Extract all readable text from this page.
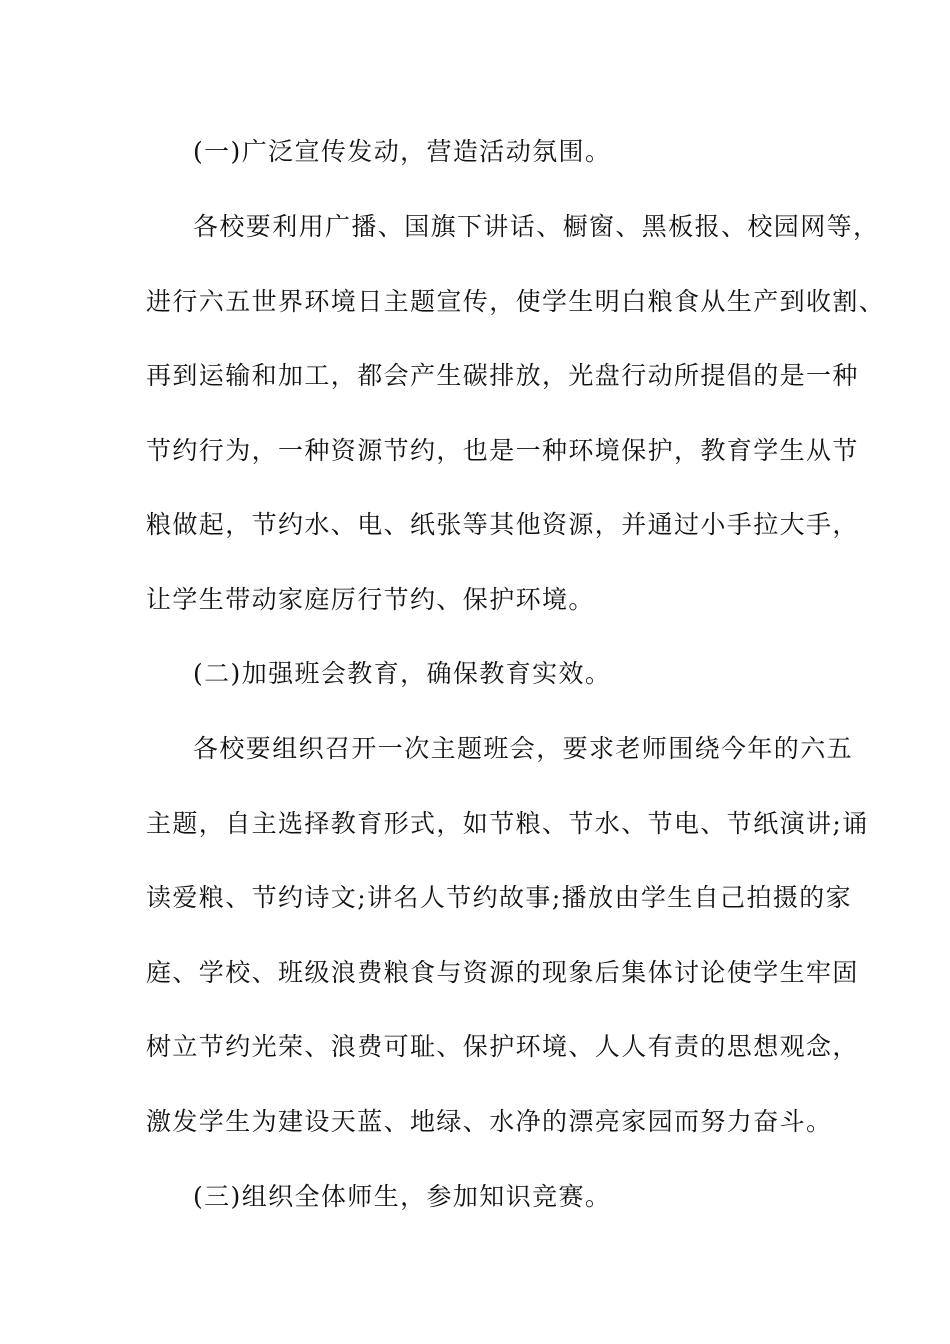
(一)广泛宣传发动，营造活动氛围。
各校要利用广播、国旗下讲话、橱窗、黑板报、校园网等，
进行六五世界环境日主题宣传，使学生明白粮食从生产到收割、
再到运输和加工，都会产生碳排放，光盘行动所提倡的是一种
节约行为，一种资源节约，也是一种环境保护，教育学生从节
粮做起，节约水、电、纸张等其他资源，并通过小手拉大手，
让学生带动家庭厉行节约、保护环境。
(二)加强班会教育，确保教育实效。
各校要组织召开一次主题班会，要求老师围绕今年的六五
主题，自主选择教育形式，如节粮、节水、节电、节纸演讲;诵
读爱粮、节约诗文;讲名人节约故事;播放由学生自己拍摄的家
庭、学校、班级浪费粮食与资源的现象后集体讨论使学生牢固
树立节约光荣、浪费可耻、保护环境、人人有责的思想观念，
激发学生为建设天蓝、地绿、水净的漂亮家园而努力奋斗。
(三)组织全体师生，参加知识竞赛。
